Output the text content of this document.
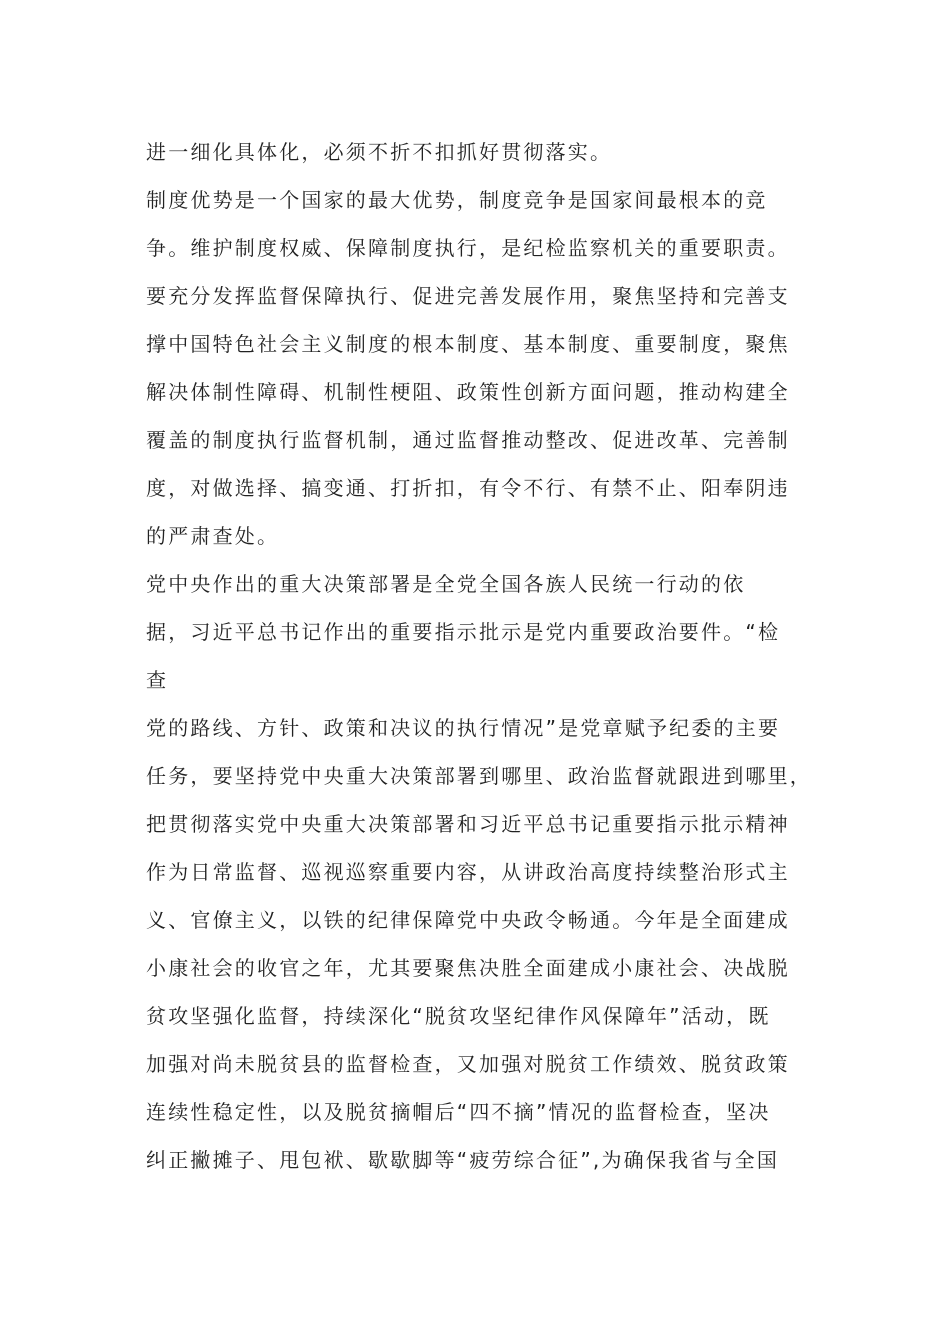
进一细化具体化，必须不折不扣抓好贯彻落实。
制度优势是一个国家的最大优势，制度竞争是国家间最根本的竞
争。维护制度权威、保障制度执行，是纪检监察机关的重要职责。
要充分发挥监督保障执行、促进完善发展作用，聚焦坚持和完善支
撑中国特色社会主义制度的根本制度、基本制度、重要制度，聚焦
解决体制性障碍、机制性梗阻、政策性创新方面问题，推动构建全
覆盖的制度执行监督机制，通过监督推动整改、促进改革、完善制
度，对做选择、搞变通、打折扣，有令不行、有禁不止、阳奉阴违
的严肃查处。
党中央作出的重大决策部署是全党全国各族人民统一行动的依
据，习近平总书记作出的重要指示批示是党内重要政治要件。“检
查
党的路线、方针、政策和决议的执行情况”是党章赋予纪委的主要
任务，要坚持党中央重大决策部署到哪里、政治监督就跟进到哪里，
把贯彻落实党中央重大决策部署和习近平总书记重要指示批示精神
作为日常监督、巡视巡察重要内容，从讲政治高度持续整治形式主
义、官僚主义，以铁的纪律保障党中央政令畅通。今年是全面建成
小康社会的收官之年，尤其要聚焦决胜全面建成小康社会、决战脱
贫攻坚强化监督，持续深化“脱贫攻坚纪律作风保障年”活动，既
加强对尚未脱贫县的监督检查，又加强对脱贫工作绩效、脱贫政策
连续性稳定性，以及脱贫摘帽后“四不摘”情况的监督检查，坚决
纠正撇摊子、甩包袱、歇歇脚等“疲劳综合征”,为确保我省与全国
